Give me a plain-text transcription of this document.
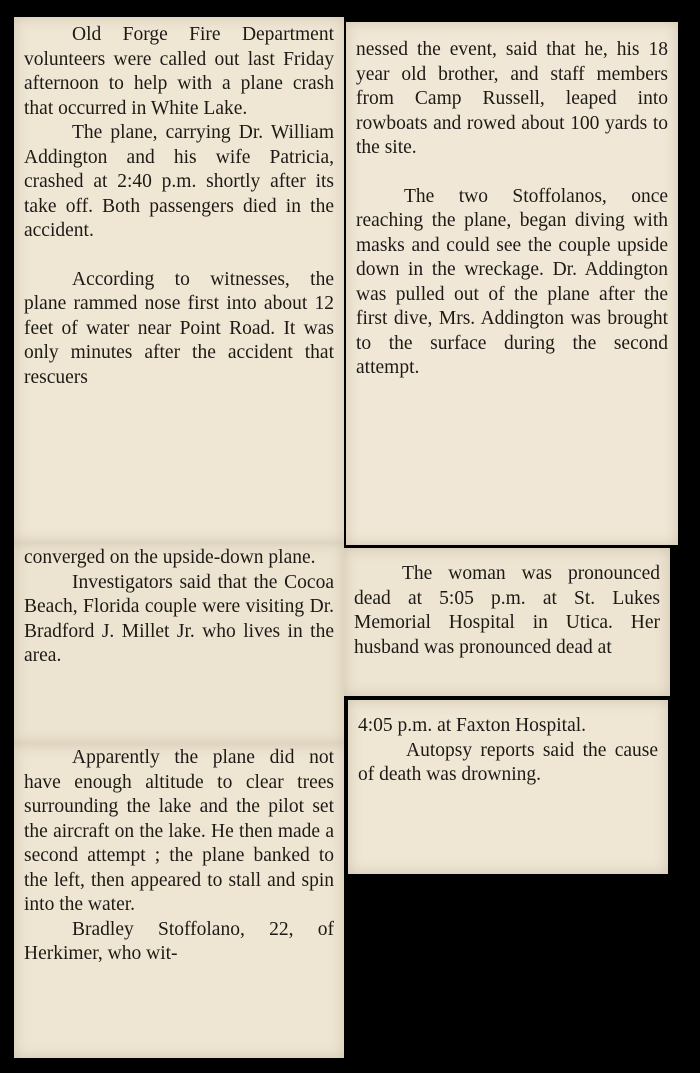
Old Forge Fire Department volunteers were called out last Friday afternoon to help with a plane crash that occurred in White Lake.

The plane, carrying Dr. William Addington and his wife Patricia, crashed at 2:40 p.m. shortly after its take off. Both passengers died in the accident.

According to witnesses, the plane rammed nose first into about 12 feet of water near Point Road. It was only minutes after the accident that rescuers

converged on the upside-down plane.

Investigators said that the Cocoa Beach, Florida couple were visiting Dr. Bradford J. Millet Jr. who lives in the area.

Apparently the plane did not have enough altitude to clear trees surrounding the lake and the pilot set the aircraft on the lake. He then made a second attempt ; the plane banked to the left, then appeared to stall and spin into the water.

Bradley Stoffolano, 22, of Herkimer, who wit-

nessed the event, said that he, his 18 year old brother, and staff members from Camp Russell, leaped into rowboats and rowed about 100 yards to the site.

The two Stoffolanos, once reaching the plane, began diving with masks and could see the couple upside down in the wreckage. Dr. Addington was pulled out of the plane after the first dive, Mrs. Addington was brought to the surface during the second attempt.

The woman was pronounced dead at 5:05 p.m. at St. Lukes Memorial Hospital in Utica. Her husband was pronounced dead at

4:05 p.m. at Faxton Hospital.

Autopsy reports said the cause of death was drowning.
